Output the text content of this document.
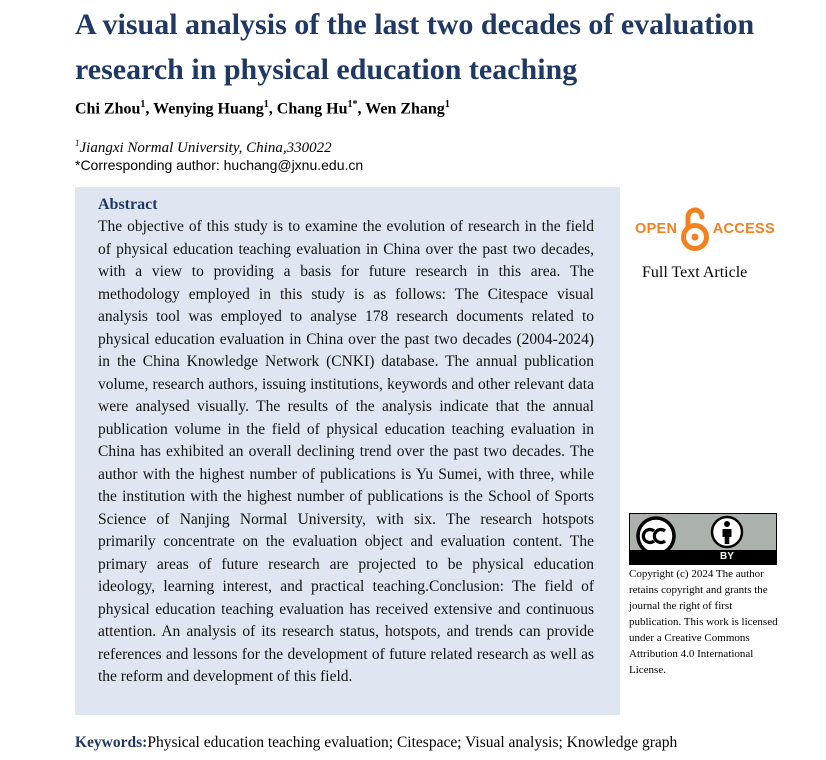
A visual analysis of the last two decades of evaluation research in physical education teaching

Chi Zhou$^1$, Wenying Huang$^1$, Chang $Hu^{1*}$, Wen Zhang$^1$

$^1$Jiangxi Normal University, China,330022

*Corresponding author: huchang@jxnu.edu.cn

Abstract

The objective of this study is to examine the evolution of research in the field of physical education teaching evaluation in China over the past two decades, with a view to providing a basis for future research in this area. The methodology employed in this study is as follows: The Citespace visual analysis tool was employed to analyse 178 research documents related to physical education evaluation in China over the past two decades (2004-2024) in the China Knowledge Network (CNKI) database. The annual publication volume, research authors, issuing institutions, keywords and other relevant data were analysed visually. The results of the analysis indicate that the annual publication volume in the field of physical education teaching evaluation in China has exhibited an overall declining trend over the past two decades. The author with the highest number of publications is Yu Sumei, with three, while the institution with the highest number of publications is the School of Sports Science of Nanjing Normal University, with six. The research hotspots primarily concentrate on the evaluation object and evaluation content. The primary areas of future research are projected to be physical education ideology, learning interest, and practical teaching.Conclusion: The field of physical education teaching evaluation has received extensive and continuous attention. An analysis of its research status, hotspots, and trends can provide references and lessons for the development of future related research as well as the reform and development of this field.

OPEN ACCESS

Full Text Article

BY

Copyright (c) 2024 The author retains copyright and grants the journal the right of first publication. This work is licensed under a Creative Commons Attribution 4.0 International License.

Keywords:Physical education teaching evaluation; Citespace; Visual analysis; Knowledge graph
